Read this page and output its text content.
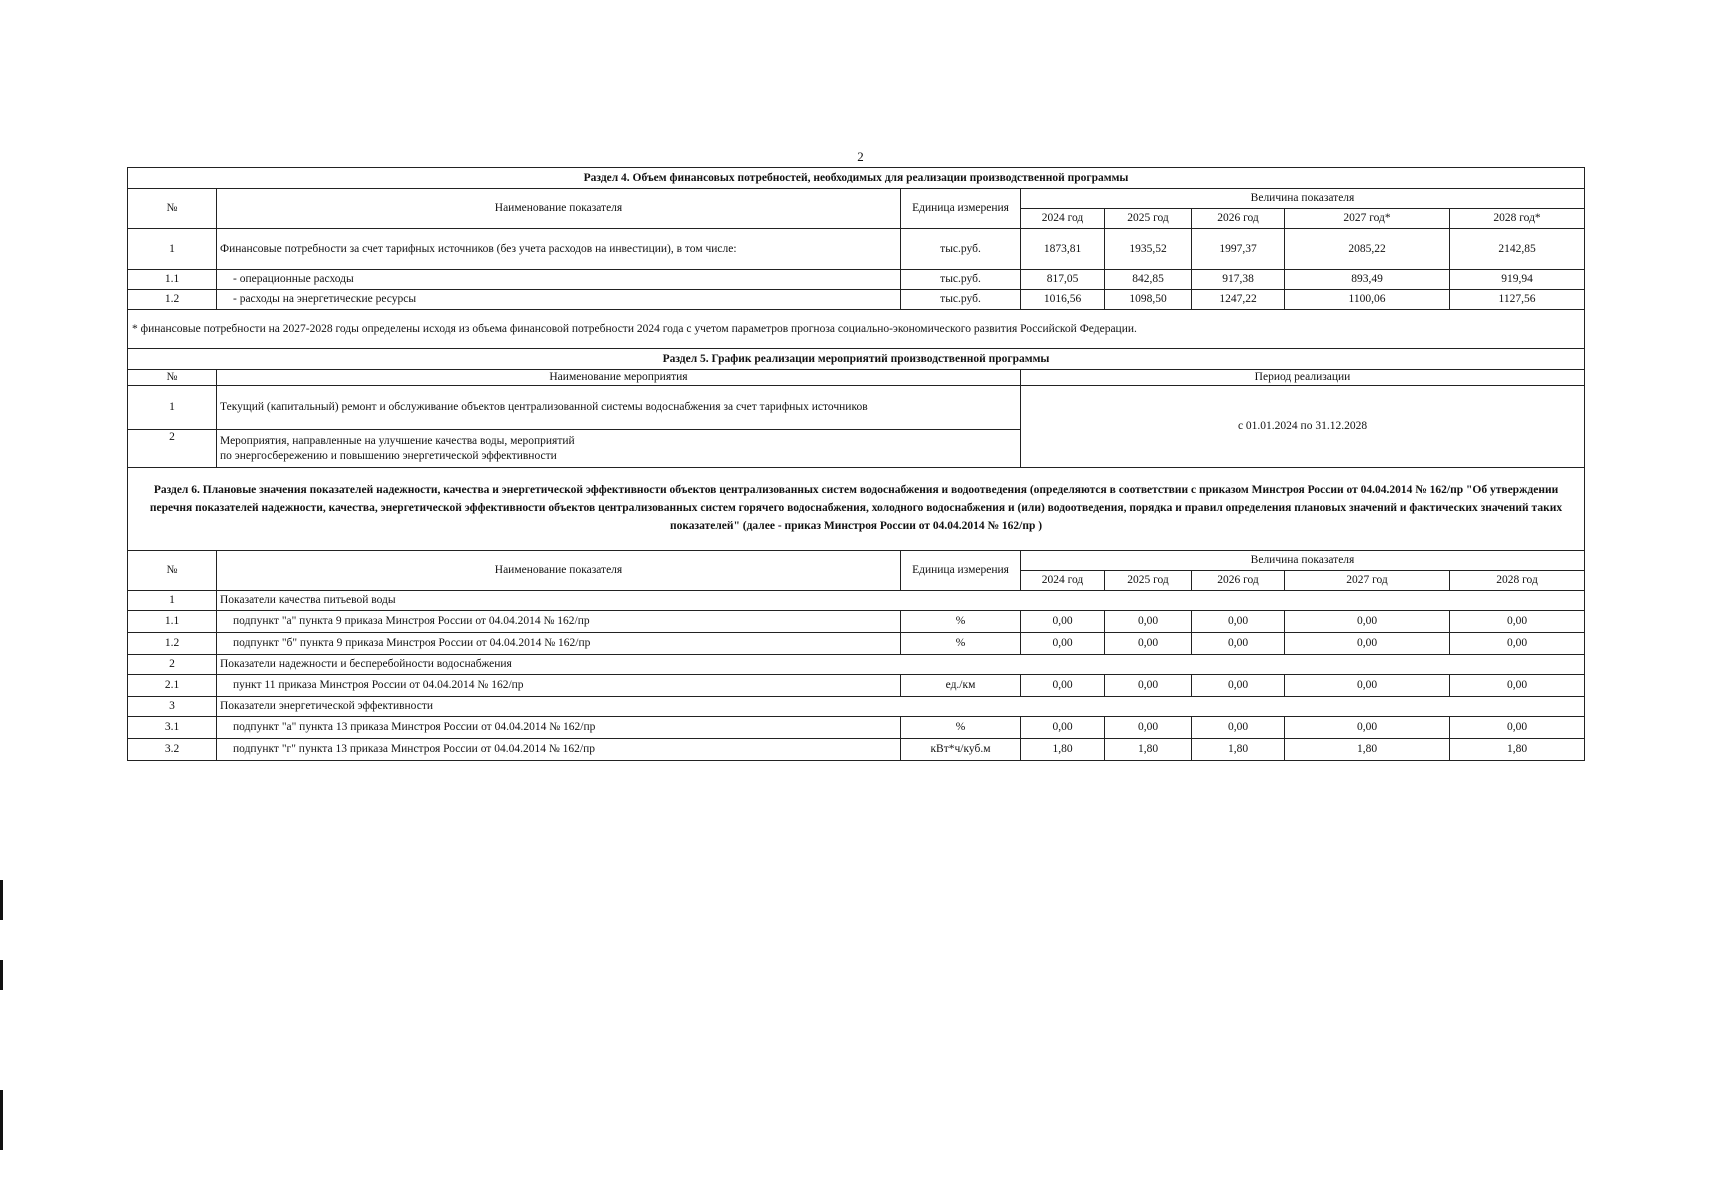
2
Раздел 4. Объем финансовых потребностей, необходимых для реализации производственной программы							
№	Наименование показателя	Единица измерения	Величина показателя				
			2024 год	2025 год	2026 год	2027 год*	2028 год*
1	Финансовые потребности за счет тарифных источников (без учета расходов на инвестиции), в том числе:	тыс.руб.	1873,81	1935,52	1997,37	2085,22	2142,85
1.1	- операционные расходы	тыс.руб.	817,05	842,85	917,38	893,49	919,94
1.2	- расходы на энергетические ресурсы	тыс.руб.	1016,56	1098,50	1247,22	1100,06	1127,56
* финансовые потребности на 2027-2028 годы определены исходя из объема финансовой потребности 2024 года с учетом параметров прогноза социально-экономического развития Российской Федерации.							
Раздел 5. График реализации мероприятий производственной программы							
№	Наименование мероприятия		Период реализации				
1	Текущий (капитальный) ремонт и обслуживание объектов централизованной системы водоснабжения за счет тарифных источников		с 01.01.2024 по 31.12.2028				
2	Мероприятия, направленные на улучшение качества воды, мероприятий
по энергосбережению и повышению энергетической эффективности						

Раздел 6. Плановые значения показателей надежности, качества и энергетической эффективности объектов централизованных систем водоснабжения и водоотведения (определяются в соответствии с приказом Минстроя России от 04.04.2014 № 162/пр "Об утверждении перечня показателей надежности, качества, энергетической эффективности объектов централизованных систем горячего водоснабжения, холодного водоснабжения и (или) водоотведения, порядка и правил определения плановых значений и фактических значений таких показателей" (далее - приказ Минстроя России от 04.04.2014 № 162/пр )							
№	Наименование показателя	Единица измерения	Величина показателя				
			2024 год	2025 год	2026 год	2027 год	2028 год
1	Показатели качества питьевой воды						
1.1	подпункт "а" пункта 9 приказа Минстроя России от 04.04.2014 № 162/пр	%	0,00	0,00	0,00	0,00	0,00
1.2	подпункт "б" пункта 9 приказа Минстроя России от 04.04.2014 № 162/пр	%	0,00	0,00	0,00	0,00	0,00
2	Показатели надежности и бесперебойности водоснабжения						
2.1	пункт 11 приказа Минстроя России от 04.04.2014 № 162/пр	ед./км	0,00	0,00	0,00	0,00	0,00
3	Показатели энергетической эффективности						
3.1	подпункт "а" пункта 13 приказа Минстроя России от 04.04.2014 № 162/пр	%	0,00	0,00	0,00	0,00	0,00
3.2	подпункт "г" пункта 13 приказа Минстроя России от 04.04.2014 № 162/пр	кВт*ч/куб.м	1,80	1,80	1,80	1,80	1,80
